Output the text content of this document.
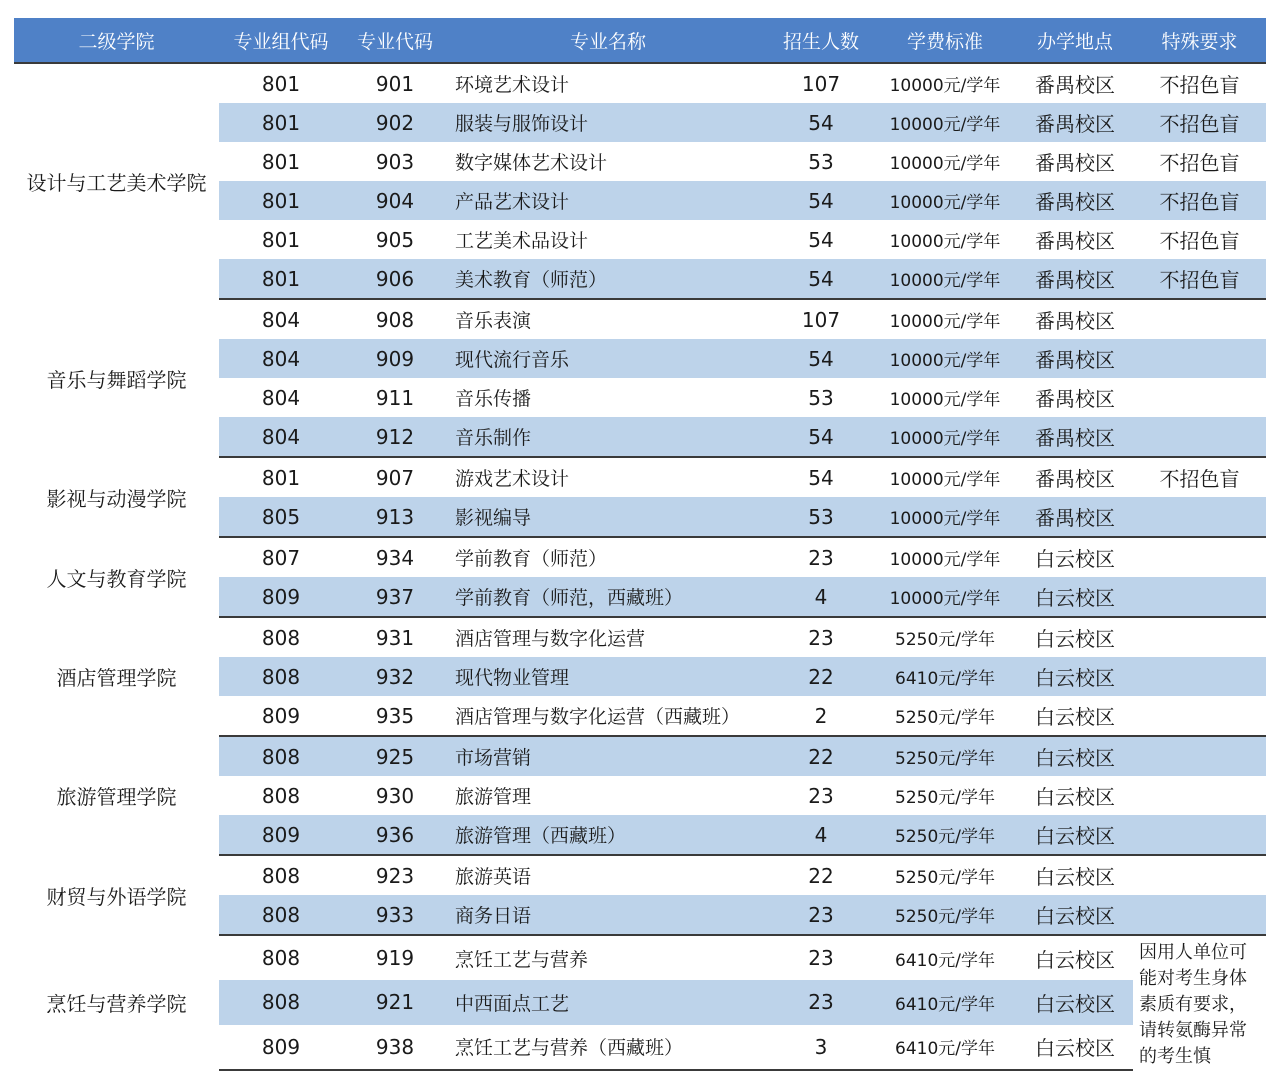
二级学院	专业组代码	专业代码	专业名称	招生人数	学费标准	办学地点	特殊要求
设计与工艺美术学院	801	901	环境艺术设计	107	10000元/学年	番禺校区	不招色盲
	801	902	服装与服饰设计	54	10000元/学年	番禺校区	不招色盲
	801	903	数字媒体艺术设计	53	10000元/学年	番禺校区	不招色盲
	801	904	产品艺术设计	54	10000元/学年	番禺校区	不招色盲
	801	905	工艺美术品设计	54	10000元/学年	番禺校区	不招色盲
	801	906	美术教育（师范）	54	10000元/学年	番禺校区	不招色盲
音乐与舞蹈学院	804	908	音乐表演	107	10000元/学年	番禺校区	
	804	909	现代流行音乐	54	10000元/学年	番禺校区	
	804	911	音乐传播	53	10000元/学年	番禺校区	
	804	912	音乐制作	54	10000元/学年	番禺校区	
影视与动漫学院	801	907	游戏艺术设计	54	10000元/学年	番禺校区	不招色盲
	805	913	影视编导	53	10000元/学年	番禺校区	
人文与教育学院	807	934	学前教育（师范）	23	10000元/学年	白云校区	
	809	937	学前教育（师范，西藏班）	4	10000元/学年	白云校区	
酒店管理学院	808	931	酒店管理与数字化运营	23	5250元/学年	白云校区	
	808	932	现代物业管理	22	6410元/学年	白云校区	
	809	935	酒店管理与数字化运营（西藏班）	2	5250元/学年	白云校区	
旅游管理学院	808	925	市场营销	22	5250元/学年	白云校区	
	808	930	旅游管理	23	5250元/学年	白云校区	
	809	936	旅游管理（西藏班）	4	5250元/学年	白云校区	
财贸与外语学院	808	923	旅游英语	22	5250元/学年	白云校区	
	808	933	商务日语	23	5250元/学年	白云校区	
烹饪与营养学院	808	919	烹饪工艺与营养	23	6410元/学年	白云校区	因用人单位可能对考生身体素质有要求，请转氨酶异常的考生慎
	808	921	中西面点工艺	23	6410元/学年	白云校区	
	809	938	烹饪工艺与营养（西藏班）	3	6410元/学年	白云校区	
